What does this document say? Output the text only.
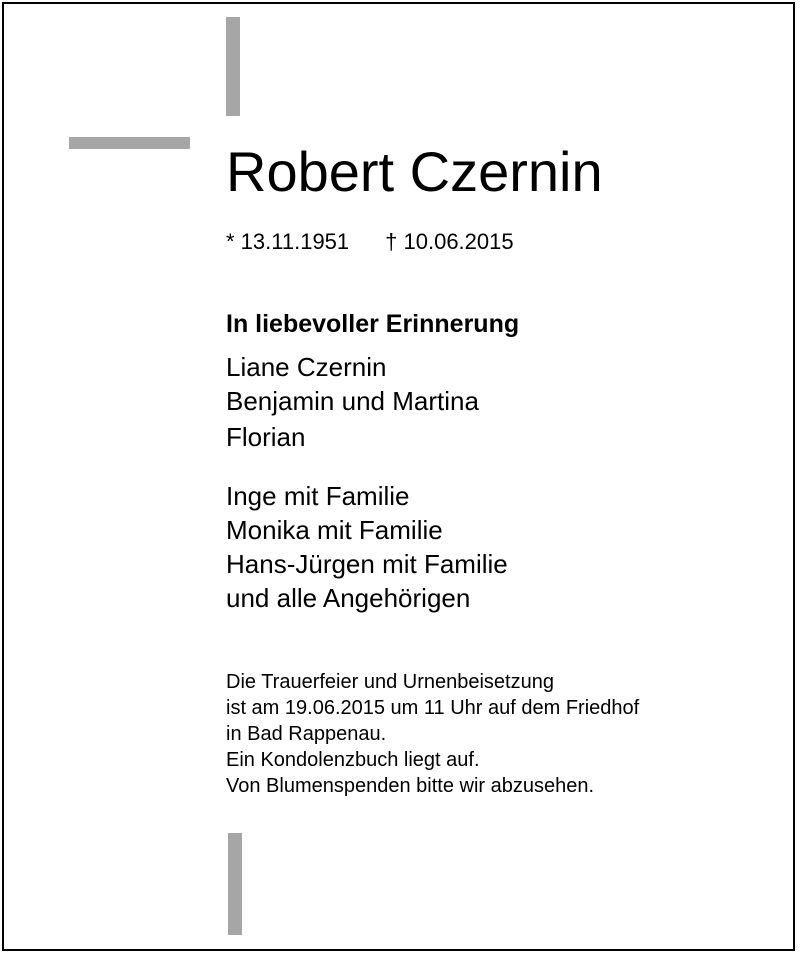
Robert Czernin
* 13.11.1951 † 10.06.2015
In liebevoller Erinnerung
Liane Czernin
Benjamin und Martina
Florian
Inge mit Familie
Monika mit Familie
Hans-Jürgen mit Familie
und alle Angehörigen
Die Trauerfeier und Urnenbeisetzung
ist am 19.06.2015 um 11 Uhr auf dem Friedhof
in Bad Rappenau.
Ein Kondolenzbuch liegt auf.
Von Blumenspenden bitte wir abzusehen.
